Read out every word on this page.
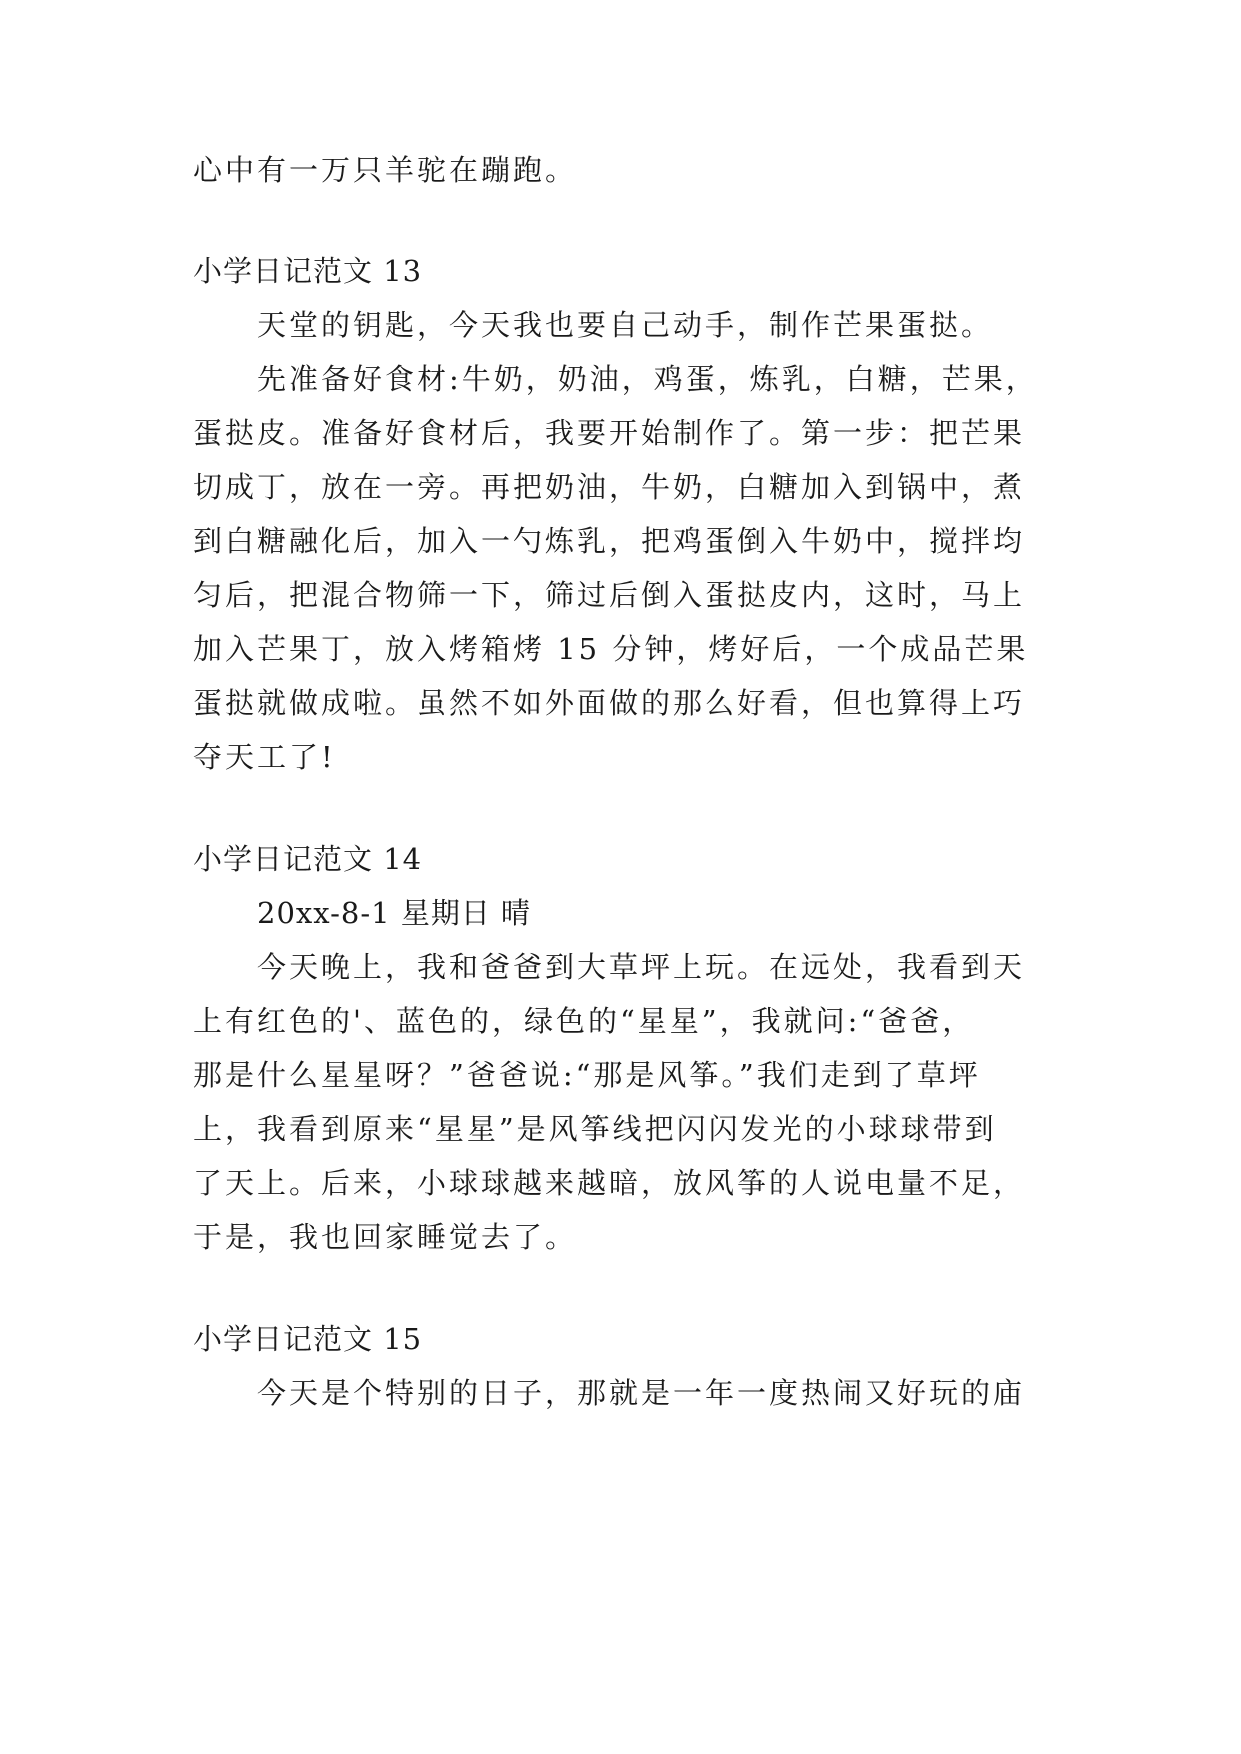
心中有一万只羊驼在蹦跑。
小学日记范文 13
天堂的钥匙，今天我也要自己动手，制作芒果蛋挞。
先准备好食材:牛奶，奶油，鸡蛋，炼乳，白糖，芒果，
蛋挞皮。准备好食材后，我要开始制作了。第一步：把芒果
切成丁，放在一旁。再把奶油，牛奶，白糖加入到锅中，煮
到白糖融化后，加入一勺炼乳，把鸡蛋倒入牛奶中，搅拌均
匀后，把混合物筛一下，筛过后倒入蛋挞皮内，这时，马上
加入芒果丁，放入烤箱烤 15 分钟，烤好后，一个成品芒果
蛋挞就做成啦。虽然不如外面做的那么好看，但也算得上巧
夺天工了!
小学日记范文 14
20xx-8-1 星期日 晴
今天晚上，我和爸爸到大草坪上玩。在远处，我看到天
上有红色的'、蓝色的，绿色的“星星”，我就问:“爸爸，
那是什么星星呀？”爸爸说:“那是风筝。”我们走到了草坪
上，我看到原来“星星”是风筝线把闪闪发光的小球球带到
了天上。后来，小球球越来越暗，放风筝的人说电量不足，
于是，我也回家睡觉去了。
小学日记范文 15
今天是个特别的日子，那就是一年一度热闹又好玩的庙
